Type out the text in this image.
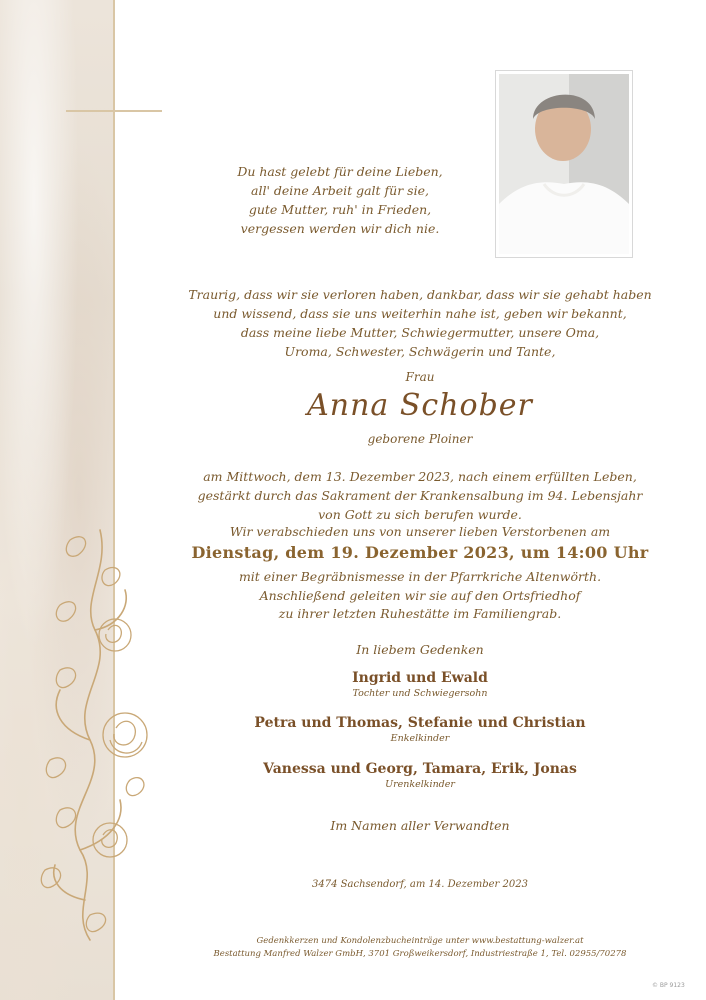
Du hast gelebt für deine Lieben,
all' deine Arbeit galt für sie,
gute Mutter, ruh' in Frieden,
vergessen werden wir dich nie.
Traurig, dass wir sie verloren haben, dankbar, dass wir sie gehabt haben
und wissend, dass sie uns weiterhin nahe ist, geben wir bekannt,
dass meine liebe Mutter, Schwiegermutter, unsere Oma,
Uroma, Schwester, Schwägerin und Tante,
Frau
Anna Schober
geborene Ploiner
am Mittwoch, dem 13. Dezember 2023, nach einem erfüllten Leben,
gestärkt durch das Sakrament der Krankensalbung im 94. Lebensjahr
von Gott zu sich berufen wurde.
Wir verabschieden uns von unserer lieben Verstorbenen am
Dienstag, dem 19. Dezember 2023, um 14:00 Uhr
mit einer Begräbnismesse in der Pfarrkriche Altenwörth.
Anschließend geleiten wir sie auf den Ortsfriedhof
zu ihrer letzten Ruhestätte im Familiengrab.
In liebem Gedenken
Ingrid und Ewald
Tochter und Schwiegersohn
Petra und Thomas, Stefanie und Christian
Enkelkinder
Vanessa und Georg, Tamara, Erik, Jonas
Urenkelkinder
Im Namen aller Verwandten
3474 Sachsendorf, am 14. Dezember 2023
Gedenkkerzen und Kondolenzbucheinträge unter www.bestattung-walzer.at
Bestattung Manfred Walzer GmbH, 3701 Großweikersdorf, Industriestraße 1, Tel. 02955/70278
© BP 9123
